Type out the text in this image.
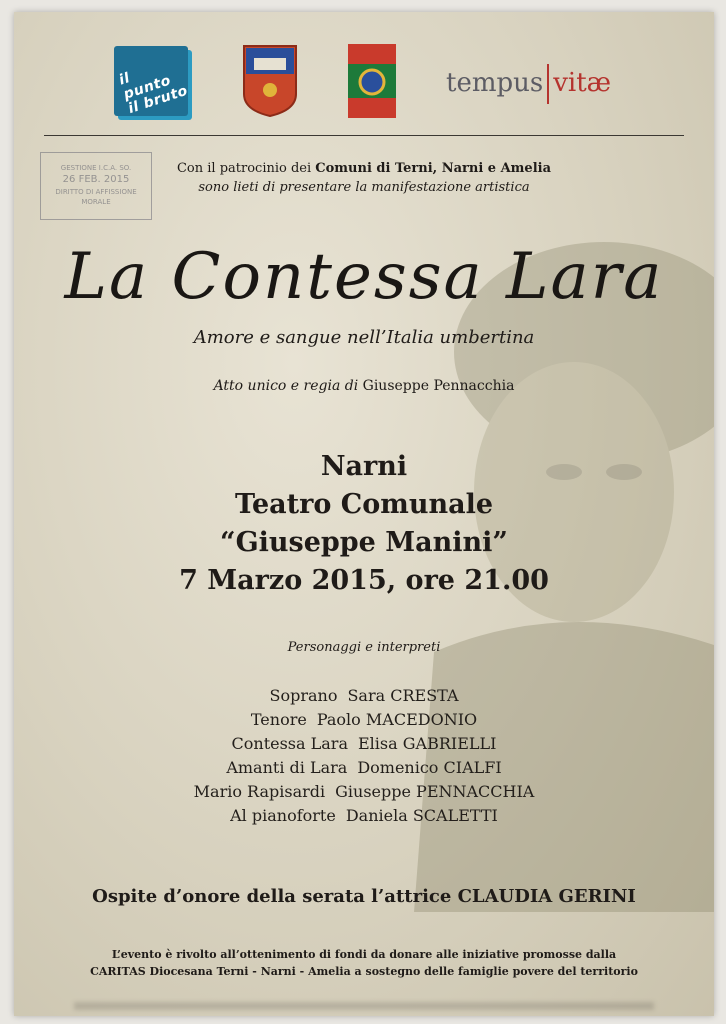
il punto il bruto	tempus vitæ
GESTIONE I.C.A. SO.
26 FEB. 2015
DIRITTO DI AFFISSIONE
MORALE
Con il patrocinio dei Comuni di Terni, Narni e Amelia
sono lieti di presentare la manifestazione artistica
La Contessa Lara
Amore e sangue nell’Italia umbertina
Atto unico e regia di Giuseppe Pennacchia
Narni
Teatro Comunale
“Giuseppe Manini”
7 Marzo 2015, ore 21.00
Personaggi e interpreti
Soprano Sara CRESTA
Tenore Paolo MACEDONIO
Contessa Lara Elisa GABRIELLI
Amanti di Lara Domenico CIALFI
Mario Rapisardi Giuseppe PENNACCHIA
Al pianoforte Daniela SCALETTI
Ospite d’onore della serata l’attrice CLAUDIA GERINI
L’evento è rivolto all’ottenimento di fondi da donare alle iniziative promosse dalla
CARITAS Diocesana Terni - Narni - Amelia a sostegno delle famiglie povere del territorio
